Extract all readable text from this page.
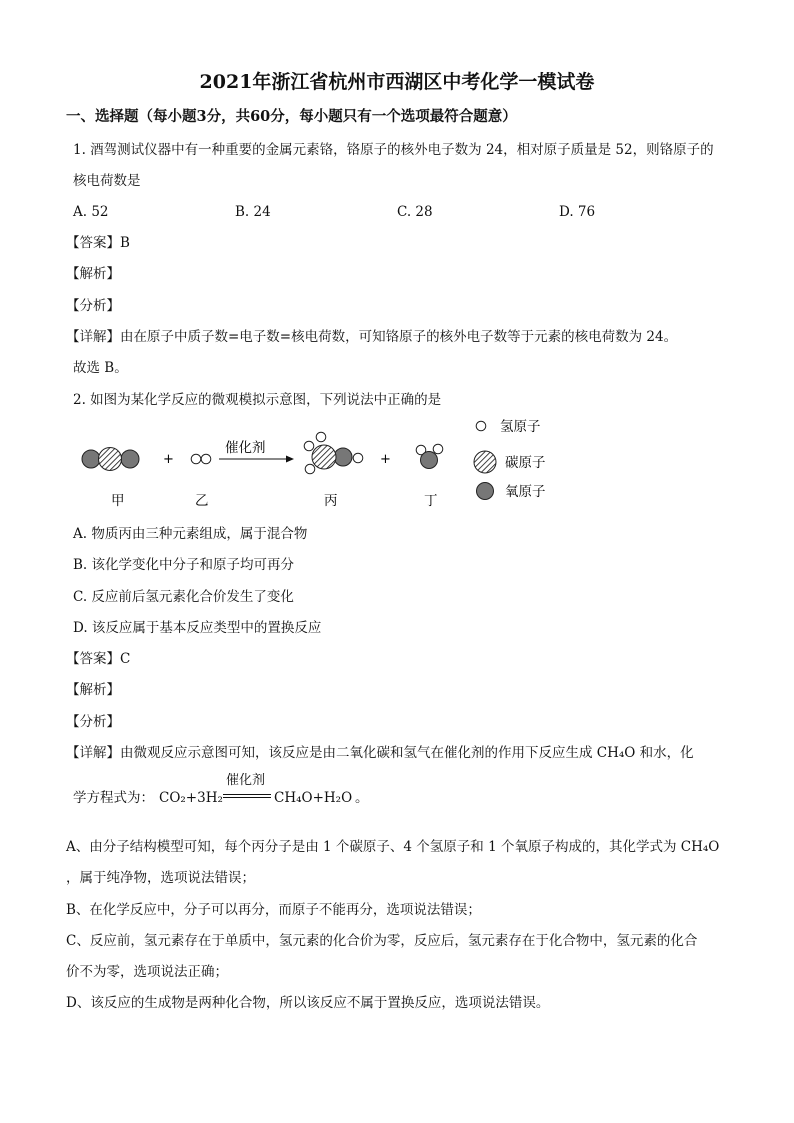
2021年浙江省杭州市西湖区中考化学一模试卷
一、选择题（每小题3分，共60分，每小题只有一个选项最符合题意）
1. 酒驾测试仪器中有一种重要的金属元素铬，铬原子的核外电子数为 24，相对原子质量是 52，则铬原子的
核电荷数是
A. 52	B. 24	C. 28	D. 76
【答案】B
【解析】
【分析】
【详解】由在原子中质子数=电子数=核电荷数，可知铬原子的核外电子数等于元素的核电荷数为 24。
故选 B。
2. 如图为某化学反应的微观模拟示意图，下列说法中正确的是
+
催化剂
+
甲	乙	丙	丁
氢原子
碳原子
氧原子
A. 物质丙由三种元素组成，属于混合物
B. 该化学变化中分子和原子均可再分
C. 反应前后氢元素化合价发生了变化
D. 该反应属于基本反应类型中的置换反应
【答案】C
【解析】
【分析】
【详解】由微观反应示意图可知，该反应是由二氧化碳和氢气在催化剂的作用下反应生成 CH₄O 和水，化
学方程式为： CO₂+3H₂
催化剂
CH₄O+H₂O 。
A、由分子结构模型可知，每个丙分子是由 1 个碳原子、4 个氢原子和 1 个氧原子构成的，其化学式为 CH₄O
，属于纯净物，选项说法错误；
B、在化学反应中，分子可以再分，而原子不能再分，选项说法错误；
C、反应前，氢元素存在于单质中，氢元素的化合价为零，反应后，氢元素存在于化合物中，氢元素的化合
价不为零，选项说法正确；
D、该反应的生成物是两种化合物，所以该反应不属于置换反应，选项说法错误。
